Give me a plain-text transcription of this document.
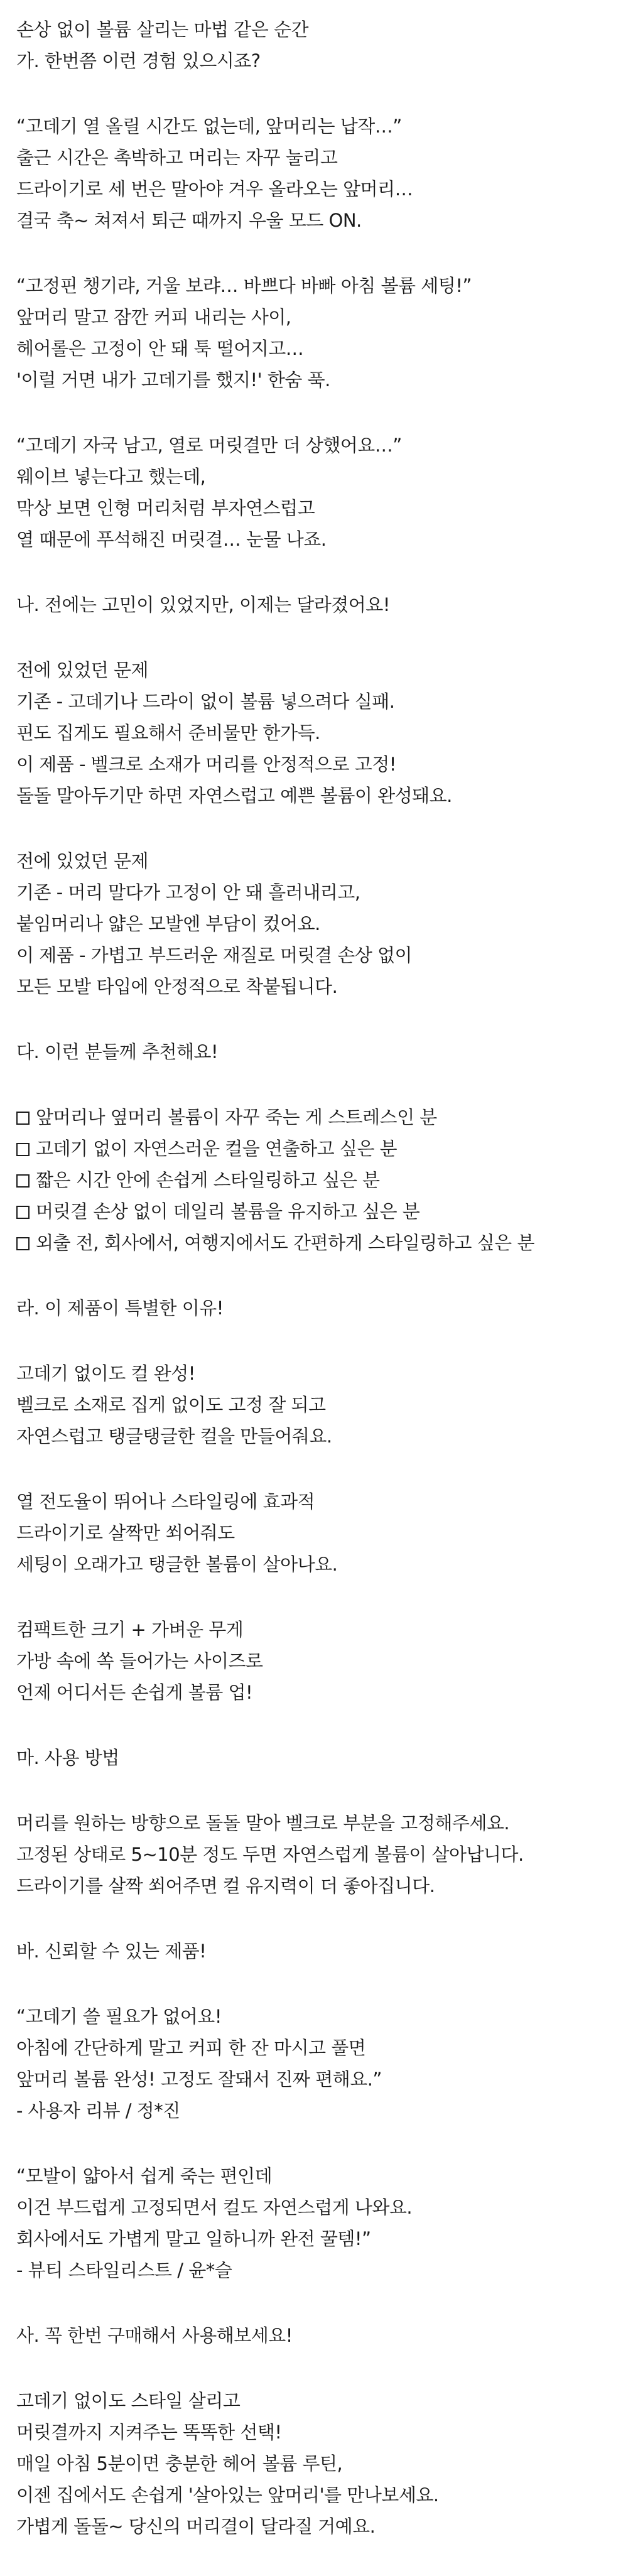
손상 없이 볼륨 살리는 마법 같은 순간
가. 한번쯤 이런 경험 있으시죠?
“고데기 열 올릴 시간도 없는데, 앞머리는 납작…”
출근 시간은 촉박하고 머리는 자꾸 눌리고
드라이기로 세 번은 말아야 겨우 올라오는 앞머리…
결국 축~ 쳐져서 퇴근 때까지 우울 모드 ON.
“고정핀 챙기랴, 거울 보랴… 바쁘다 바빠 아침 볼륨 세팅!”
앞머리 말고 잠깐 커피 내리는 사이,
헤어롤은 고정이 안 돼 툭 떨어지고…
'이럴 거면 내가 고데기를 했지!' 한숨 푹.
“고데기 자국 남고, 열로 머릿결만 더 상했어요…”
웨이브 넣는다고 했는데,
막상 보면 인형 머리처럼 부자연스럽고
열 때문에 푸석해진 머릿결… 눈물 나죠.
나. 전에는 고민이 있었지만, 이제는 달라졌어요!
전에 있었던 문제
기존 - 고데기나 드라이 없이 볼륨 넣으려다 실패.
핀도 집게도 필요해서 준비물만 한가득.
이 제품 - 벨크로 소재가 머리를 안정적으로 고정!
돌돌 말아두기만 하면 자연스럽고 예쁜 볼륨이 완성돼요.
전에 있었던 문제
기존 - 머리 말다가 고정이 안 돼 흘러내리고,
붙임머리나 얇은 모발엔 부담이 컸어요.
이 제품 - 가볍고 부드러운 재질로 머릿결 손상 없이
모든 모발 타입에 안정적으로 착붙됩니다.
다. 이런 분들께 추천해요!
앞머리나 옆머리 볼륨이 자꾸 죽는 게 스트레스인 분
고데기 없이 자연스러운 컬을 연출하고 싶은 분
짧은 시간 안에 손쉽게 스타일링하고 싶은 분
머릿결 손상 없이 데일리 볼륨을 유지하고 싶은 분
외출 전, 회사에서, 여행지에서도 간편하게 스타일링하고 싶은 분
라. 이 제품이 특별한 이유!
고데기 없이도 컬 완성!
벨크로 소재로 집게 없이도 고정 잘 되고
자연스럽고 탱글탱글한 컬을 만들어줘요.
열 전도율이 뛰어나 스타일링에 효과적
드라이기로 살짝만 쐬어줘도
세팅이 오래가고 탱글한 볼륨이 살아나요.
컴팩트한 크기 + 가벼운 무게
가방 속에 쏙 들어가는 사이즈로
언제 어디서든 손쉽게 볼륨 업!
마. 사용 방법
머리를 원하는 방향으로 돌돌 말아 벨크로 부분을 고정해주세요.
고정된 상태로 5~10분 정도 두면 자연스럽게 볼륨이 살아납니다.
드라이기를 살짝 쐬어주면 컬 유지력이 더 좋아집니다.
바. 신뢰할 수 있는 제품!
“고데기 쓸 필요가 없어요!
아침에 간단하게 말고 커피 한 잔 마시고 풀면
앞머리 볼륨 완성! 고정도 잘돼서 진짜 편해요.”
- 사용자 리뷰 / 정*진
“모발이 얇아서 쉽게 죽는 편인데
이건 부드럽게 고정되면서 컬도 자연스럽게 나와요.
회사에서도 가볍게 말고 일하니까 완전 꿀템!”
- 뷰티 스타일리스트 / 윤*슬
사. 꼭 한번 구매해서 사용해보세요!
고데기 없이도 스타일 살리고
머릿결까지 지켜주는 똑똑한 선택!
매일 아침 5분이면 충분한 헤어 볼륨 루틴,
이젠 집에서도 손쉽게 '살아있는 앞머리'를 만나보세요.
가볍게 돌돌~ 당신의 머리결이 달라질 거예요.
